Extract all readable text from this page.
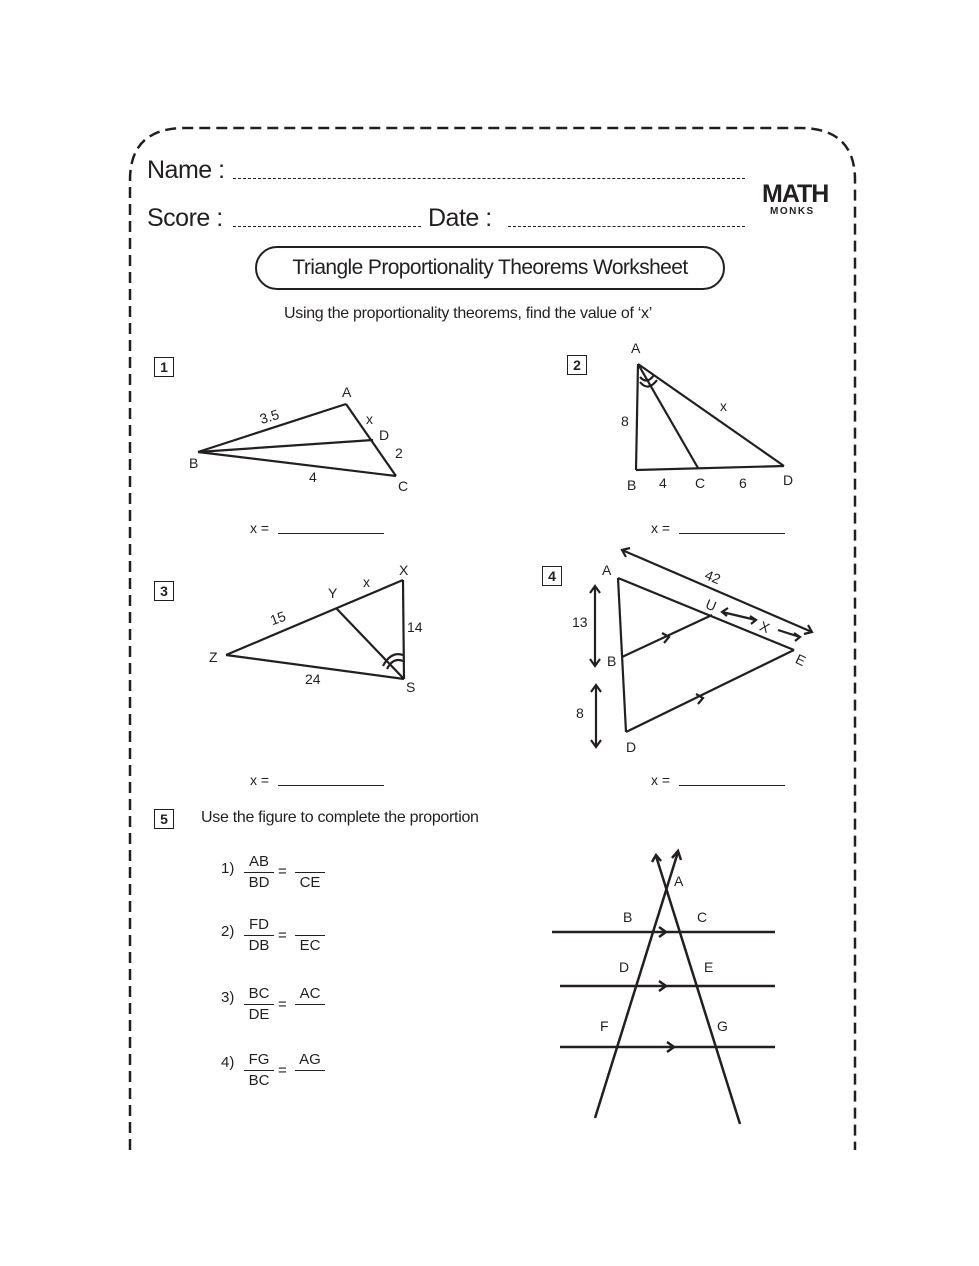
Name :
Score :	Date :
MATH
MONKS
Triangle Proportionality Theorems Worksheet
Using the proportionality theorems, find the value of ‘x’
1
A
B
C
D
x
3.5
2
4
x =
2
A
B	C	D
x
8
4	6
x =
3
X
Y
Z
S
x
15
24
14
x =
4	A
B
D
E
U
X
42
13
8
x =
5	Use the figure to complete the proportion
$1) \frac{AB}{BD}$ =
CE
$2) \frac{FD}{DB}$ =
EC
$3) \frac{BC}{DE}$ =
AC
$4) \frac{FG}{BC}$ =
AG
A
B	C
D	E
F	G
